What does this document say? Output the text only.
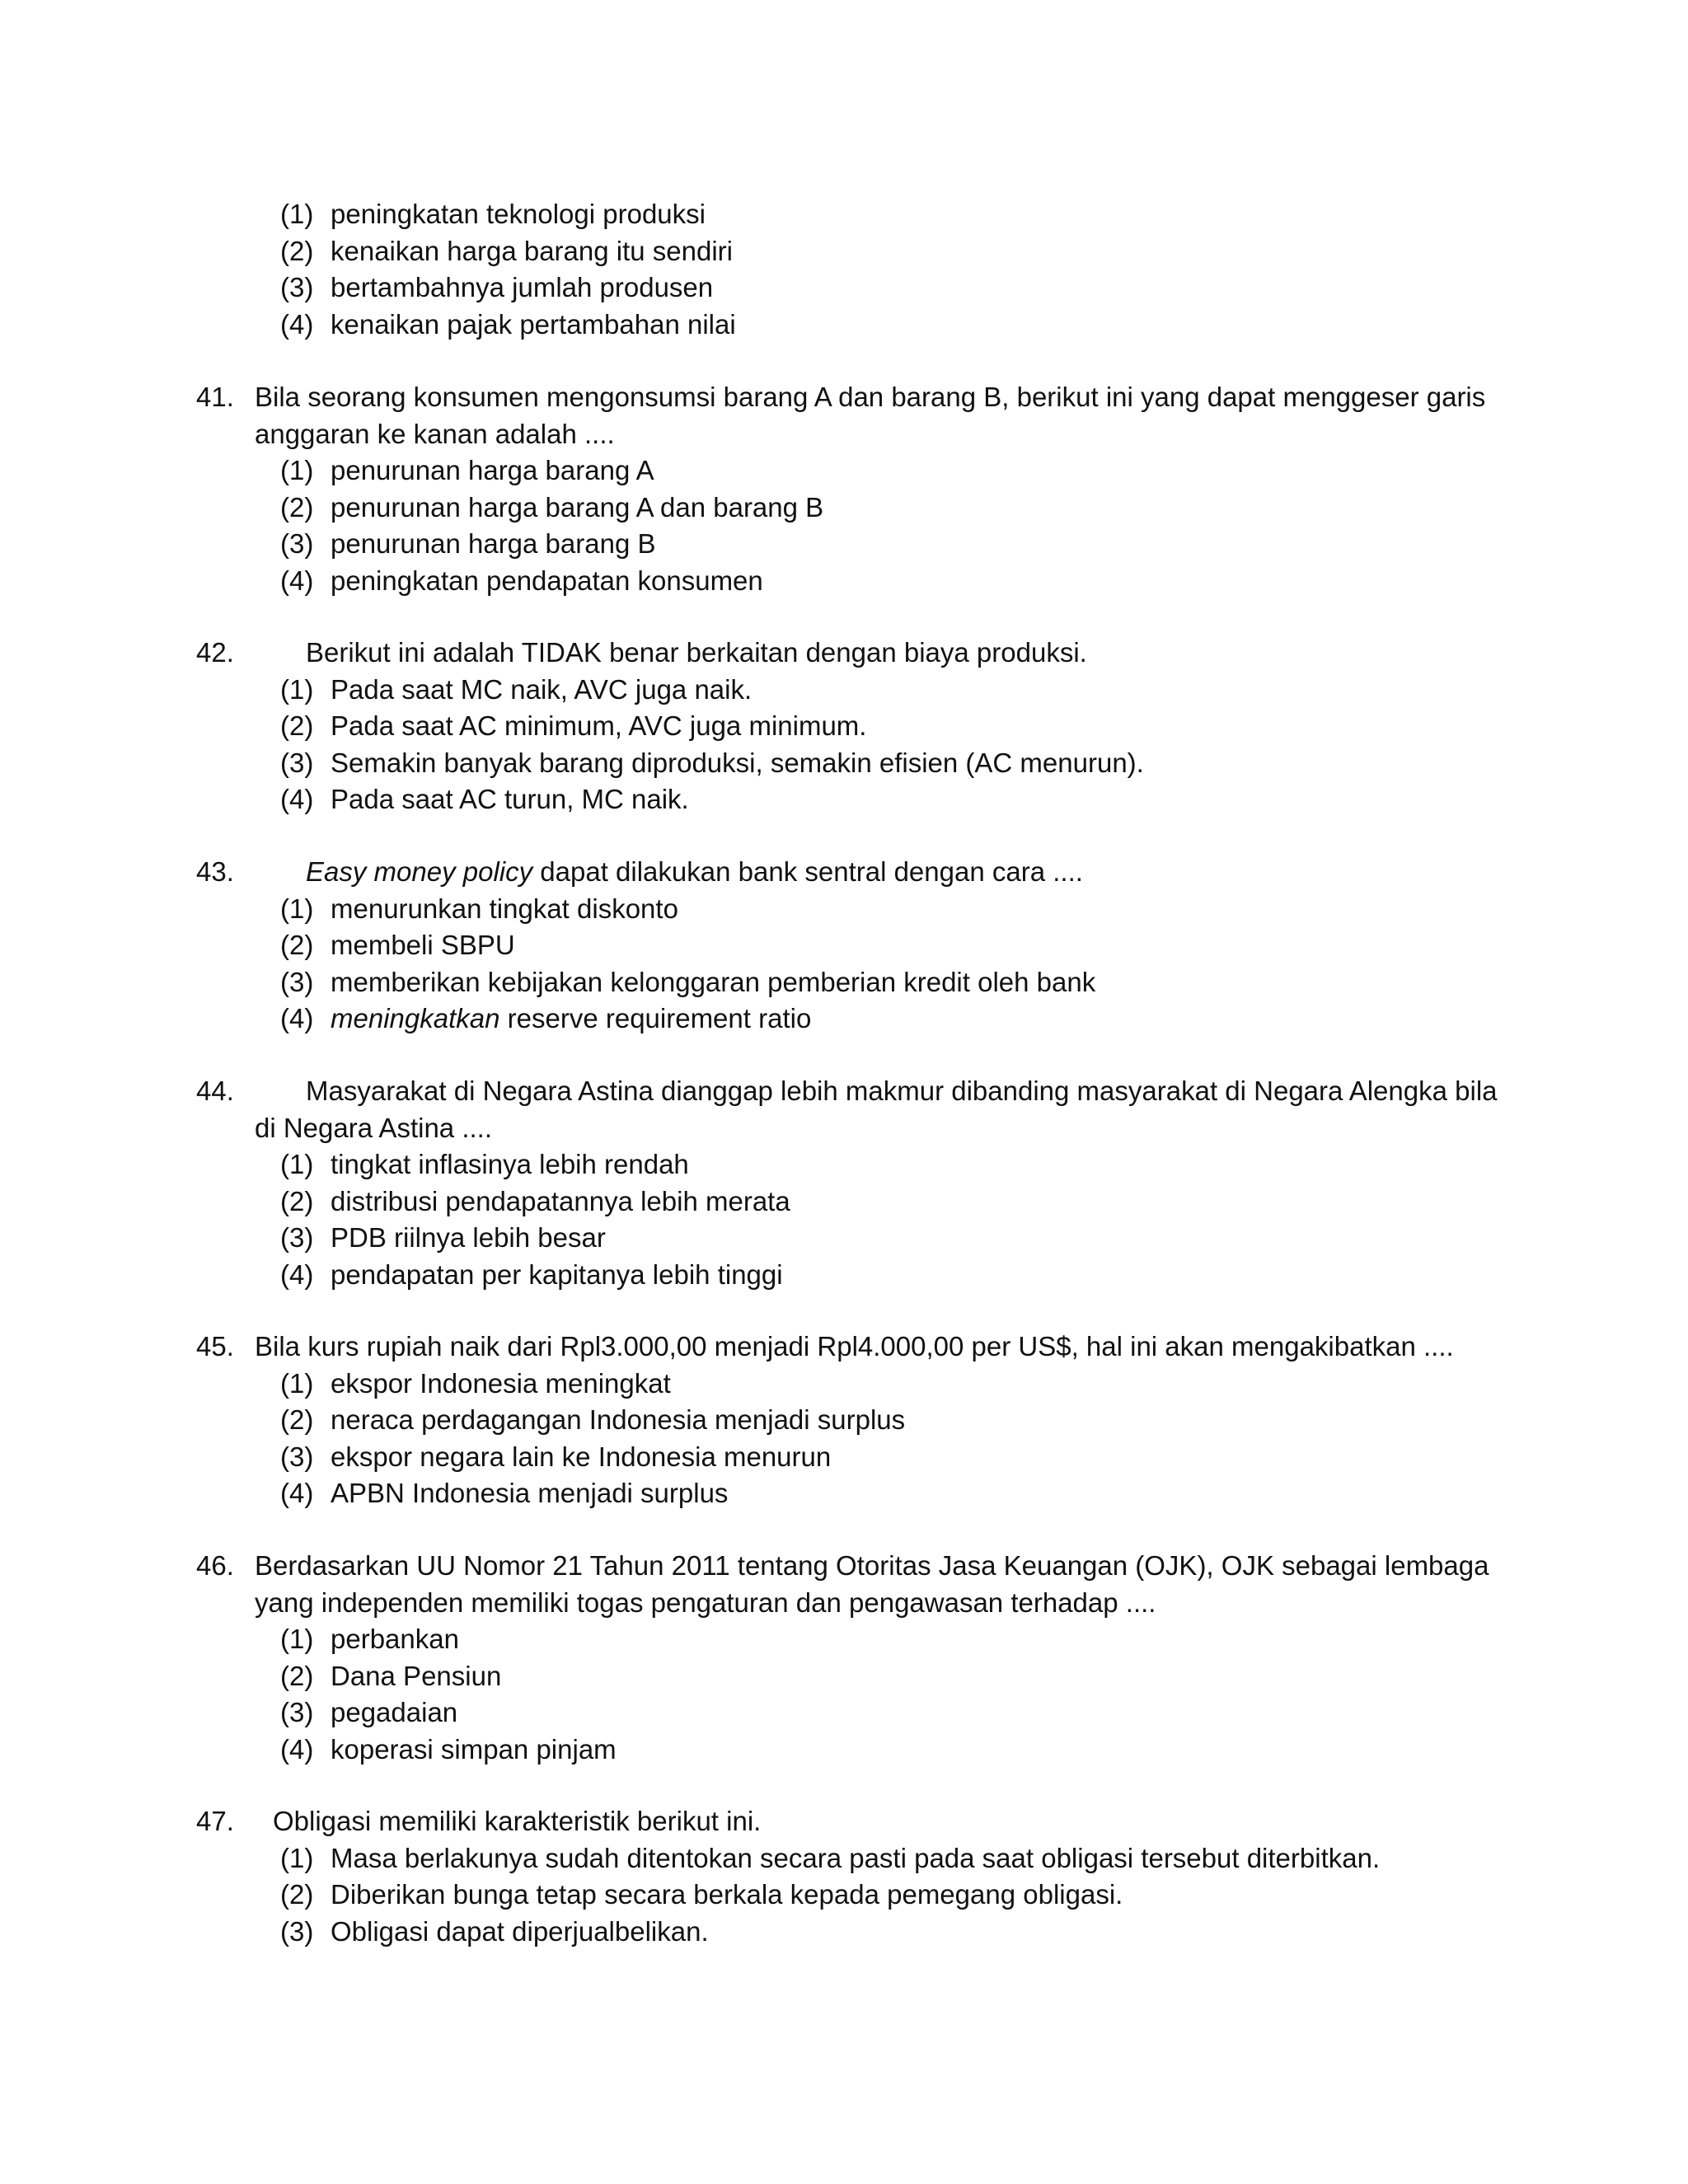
(1) peningkatan teknologi produksi
(2) kenaikan harga barang itu sendiri
(3) bertambahnya jumlah produsen
(4) kenaikan pajak pertambahan nilai
41. Bila seorang konsumen mengonsumsi barang A dan barang B, berikut ini yang dapat menggeser garis
anggaran ke kanan adalah ....
(1) penurunan harga barang A
(2) penurunan harga barang A dan barang B
(3) penurunan harga barang B
(4) peningkatan pendapatan konsumen
42.	Berikut ini adalah TIDAK benar berkaitan dengan biaya produksi.
(1) Pada saat MC naik, AVC juga naik.
(2) Pada saat AC minimum, AVC juga minimum.
(3) Semakin banyak barang diproduksi, semakin efisien (AC menurun).
(4) Pada saat AC turun, MC naik.
43.	Easy money policy dapat dilakukan bank sentral dengan cara ....
(1) menurunkan tingkat diskonto
(2) membeli SBPU
(3) memberikan kebijakan kelonggaran pemberian kredit oleh bank
(4) meningkatkan reserve requirement ratio
44.	Masyarakat di Negara Astina dianggap lebih makmur dibanding masyarakat di Negara Alengka bila
di Negara Astina ....
(1) tingkat inflasinya lebih rendah
(2) distribusi pendapatannya lebih merata
(3) PDB riilnya lebih besar
(4) pendapatan per kapitanya lebih tinggi
45. Bila kurs rupiah naik dari Rpl3.000,00 menjadi Rpl4.000,00 per US$, hal ini akan mengakibatkan ....
(1) ekspor Indonesia meningkat
(2) neraca perdagangan Indonesia menjadi surplus
(3) ekspor negara lain ke Indonesia menurun
(4) APBN Indonesia menjadi surplus
46. Berdasarkan UU Nomor 21 Tahun 2011 tentang Otoritas Jasa Keuangan (OJK), OJK sebagai lembaga
yang independen memiliki togas pengaturan dan pengawasan terhadap ....
(1) perbankan
(2) Dana Pensiun
(3) pegadaian
(4) koperasi simpan pinjam
47. Obligasi memiliki karakteristik berikut ini.
(1) Masa berlakunya sudah ditentokan secara pasti pada saat obligasi tersebut diterbitkan.
(2) Diberikan bunga tetap secara berkala kepada pemegang obligasi.
(3) Obligasi dapat diperjualbelikan.
